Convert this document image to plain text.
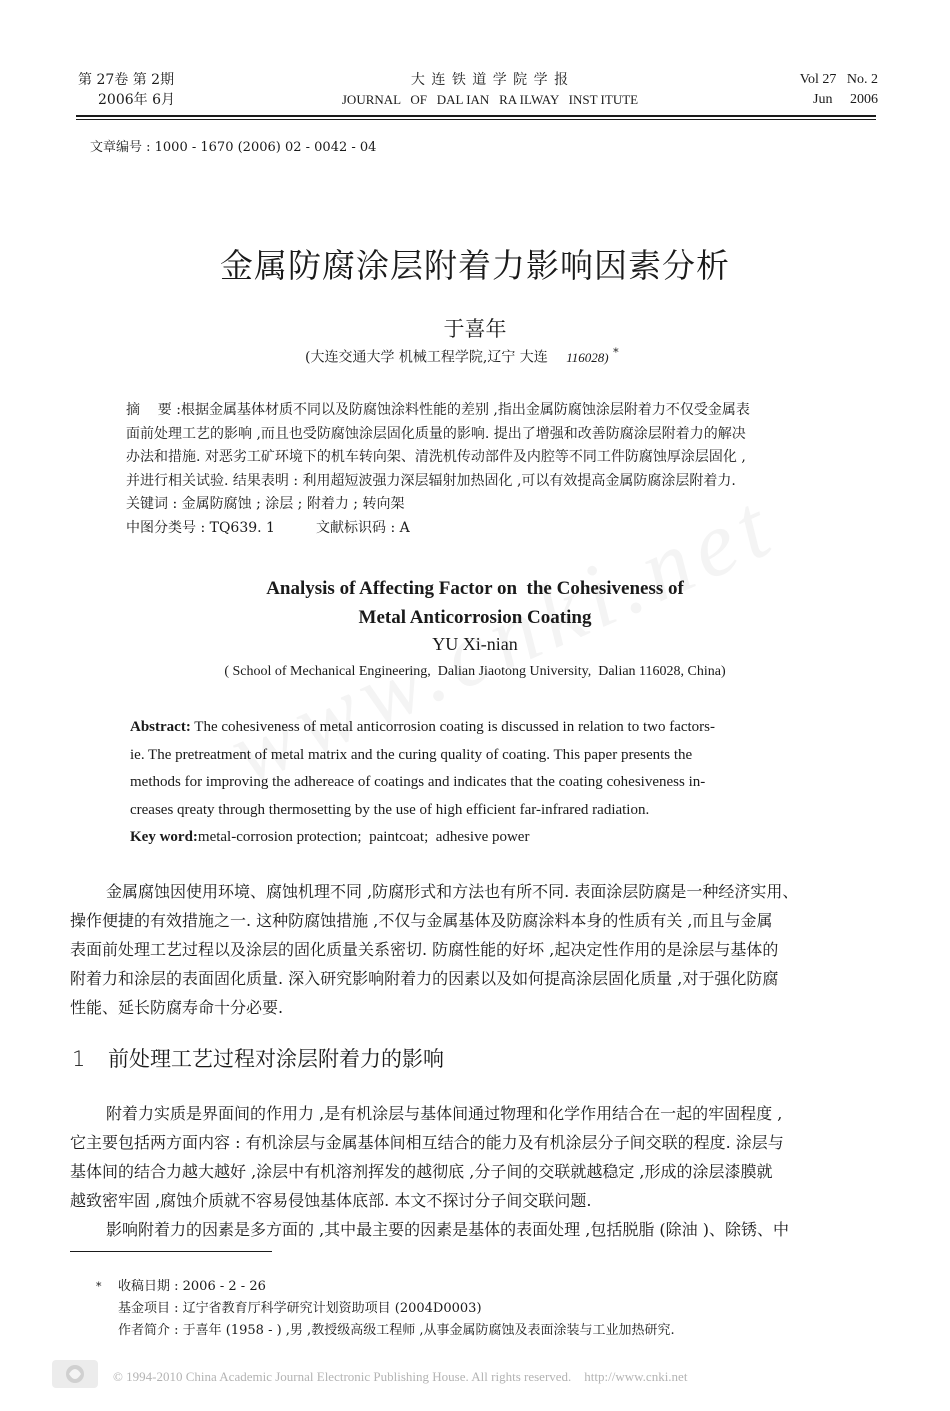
第 27卷 第 2期
2006年 6月
大 连 铁 道 学 院 学 报
JOURNAL   OF   DAL IAN   RA ILWAY   INST ITUTE
Vol 27   No. 2
Jun     2006
文章编号 : 1000 - 1670 (2006) 02 - 0042 - 04
金属防腐涂层附着力影响因素分析
于喜年
(大连交通大学 机械工程学院,辽宁 大连 116028) *
摘    要 :根据金属基体材质不同以及防腐蚀涂料性能的差别 ,指出金属防腐蚀涂层附着力不仅受金属表
面前处理工艺的影响 ,而且也受防腐蚀涂层固化质量的影响. 提出了增强和改善防腐涂层附着力的解决
办法和措施. 对恶劣工矿环境下的机车转向架、清洗机传动部件及内腔等不同工件防腐蚀厚涂层固化 ,
并进行相关试验. 结果表明 : 利用超短波强力深层辐射加热固化 ,可以有效提高金属防腐涂层附着力.
关键词 : 金属防腐蚀 ; 涂层 ; 附着力 ; 转向架
中图分类号 : TQ639. 1	文献标识码 : A
Analysis of Affecting Factor on  the Cohesiveness of
Metal Anticorrosion Coating
YU Xi-nian
( School of Mechanical Engineering,  Dalian Jiaotong University,  Dalian 116028, China)
Abstract: The cohesiveness of metal anticorrosion coating is discussed in relation to two factors-
ie. The pretreatment of metal matrix and the curing quality of coating. This paper presents the
methods for improving the adhereace of coatings and indicates that the coating cohesiveness in-
creases qreaty through thermosetting by the use of high efficient far-infrared radiation.
Key word:metal-corrosion protection;  paintcoat;  adhesive power
金属腐蚀因使用环境、腐蚀机理不同 ,防腐形式和方法也有所不同. 表面涂层防腐是一种经济实用、
操作便捷的有效措施之一. 这种防腐蚀措施 ,不仅与金属基体及防腐涂料本身的性质有关 ,而且与金属
表面前处理工艺过程以及涂层的固化质量关系密切. 防腐性能的好坏 ,起决定性作用的是涂层与基体的
附着力和涂层的表面固化质量. 深入研究影响附着力的因素以及如何提高涂层固化质量 ,对于强化防腐
性能、延长防腐寿命十分必要.
1 前处理工艺过程对涂层附着力的影响
附着力实质是界面间的作用力 ,是有机涂层与基体间通过物理和化学作用结合在一起的牢固程度 ,
它主要包括两方面内容 : 有机涂层与金属基体间相互结合的能力及有机涂层分子间交联的程度. 涂层与
基体间的结合力越大越好 ,涂层中有机溶剂挥发的越彻底 ,分子间的交联就越稳定 ,形成的涂层漆膜就
越致密牢固 ,腐蚀介质就不容易侵蚀基体底部. 本文不探讨分子间交联问题.
影响附着力的因素是多方面的 ,其中最主要的因素是基体的表面处理 ,包括脱脂 (除油 )、除锈、中
* 收稿日期 : 2006 - 2 - 26
基金项目 : 辽宁省教育厅科学研究计划资助项目 (2004D0003)
作者简介 : 于喜年 (1958 - ) ,男 ,教授级高级工程师 ,从事金属防腐蚀及表面涂装与工业加热研究.
© 1994-2010 China Academic Journal Electronic Publishing House. All rights reserved.    http://www.cnki.net
